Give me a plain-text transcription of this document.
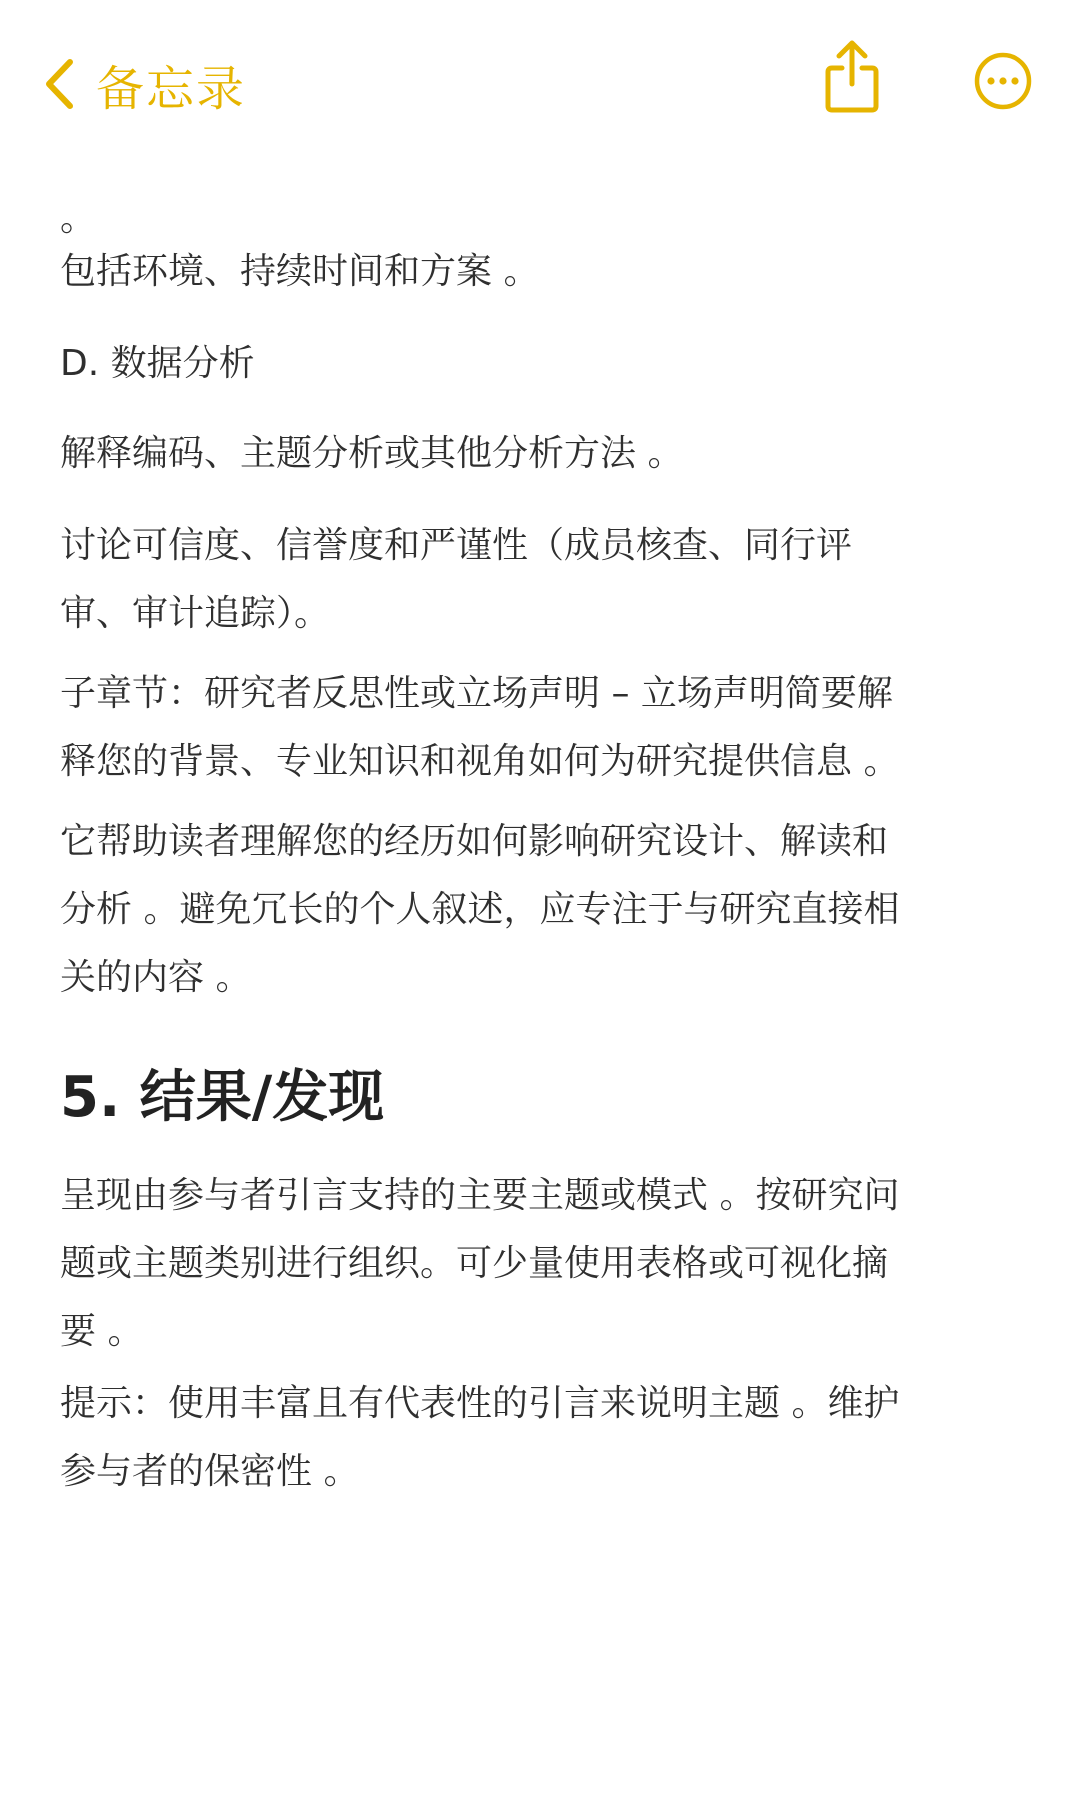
备忘录

。

包括环境、持续时间和方案 。

D. 数据分析

解释编码、主题分析或其他分析方法 。

讨论可信度、信誉度和严谨性（成员核查、同行评
审、审计追踪）。

子章节：研究者反思性或立场声明 – 立场声明简要解
释您的背景、专业知识和视角如何为研究提供信息 。

它帮助读者理解您的经历如何影响研究设计、解读和
分析 。避免冗长的个人叙述，应专注于与研究直接相
关的内容 。

5. 结果/发现

呈现由参与者引言支持的主要主题或模式 。按研究问
题或主题类别进行组织。可少量使用表格或可视化摘
要 。

提示：使用丰富且有代表性的引言来说明主题 。维护
参与者的保密性 。
